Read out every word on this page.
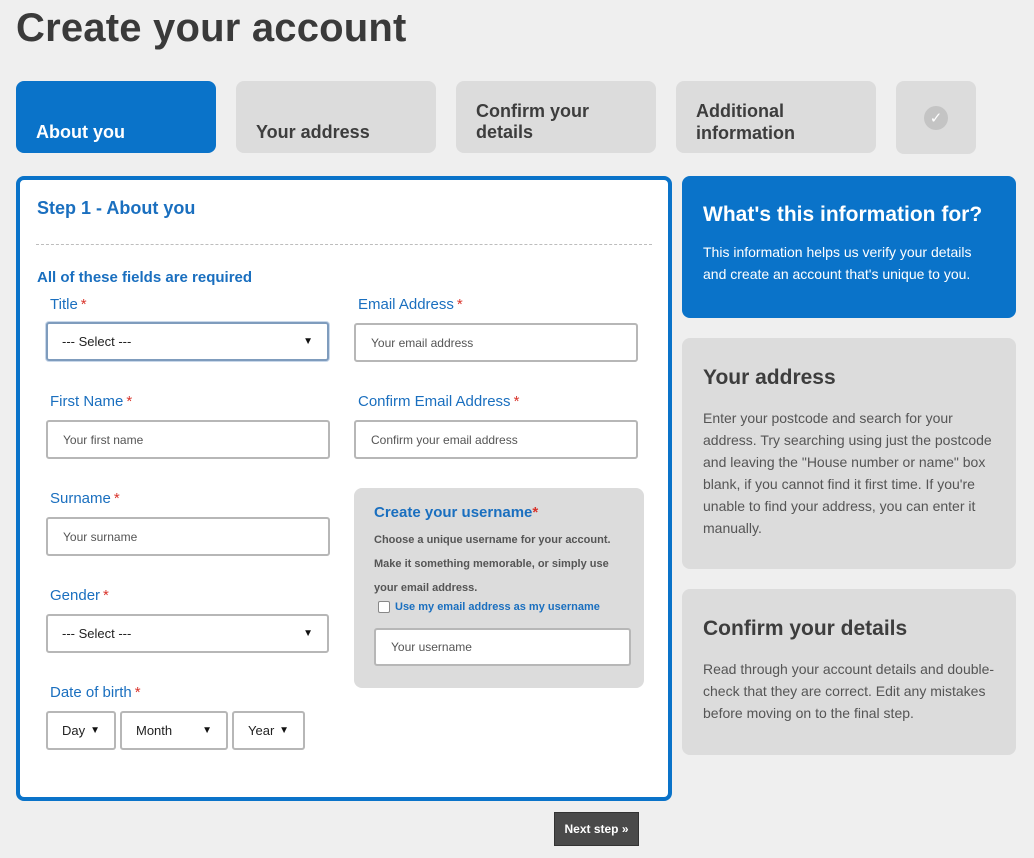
Create your account
About you	Your address
Confirm your details
Additional information
✓
Step 1 - About you
All of these fields are required
Title *
--- Select ---	▼
First Name *
Your first name
Surname *
Your surname
Gender *
--- Select ---	▼
Date of birth *
Day ▼	Month	▼	Year ▼
Email Address *
Your email address
Confirm Email Address *
Confirm your email address
Create your username*
Choose a unique username for your account. Make it something memorable, or simply use your email address.
Use my email address as my username
Your username
What's this information for?
This information helps us verify your details and create an account that's unique to you.
Your address
Enter your postcode and search for your address. Try searching using just the postcode and leaving the "House number or name" box blank, if you cannot find it first time. If you're unable to find your address, you can enter it manually.
Confirm your details
Read through your account details and double-check that they are correct. Edit any mistakes before moving on to the final step.
Next step »
